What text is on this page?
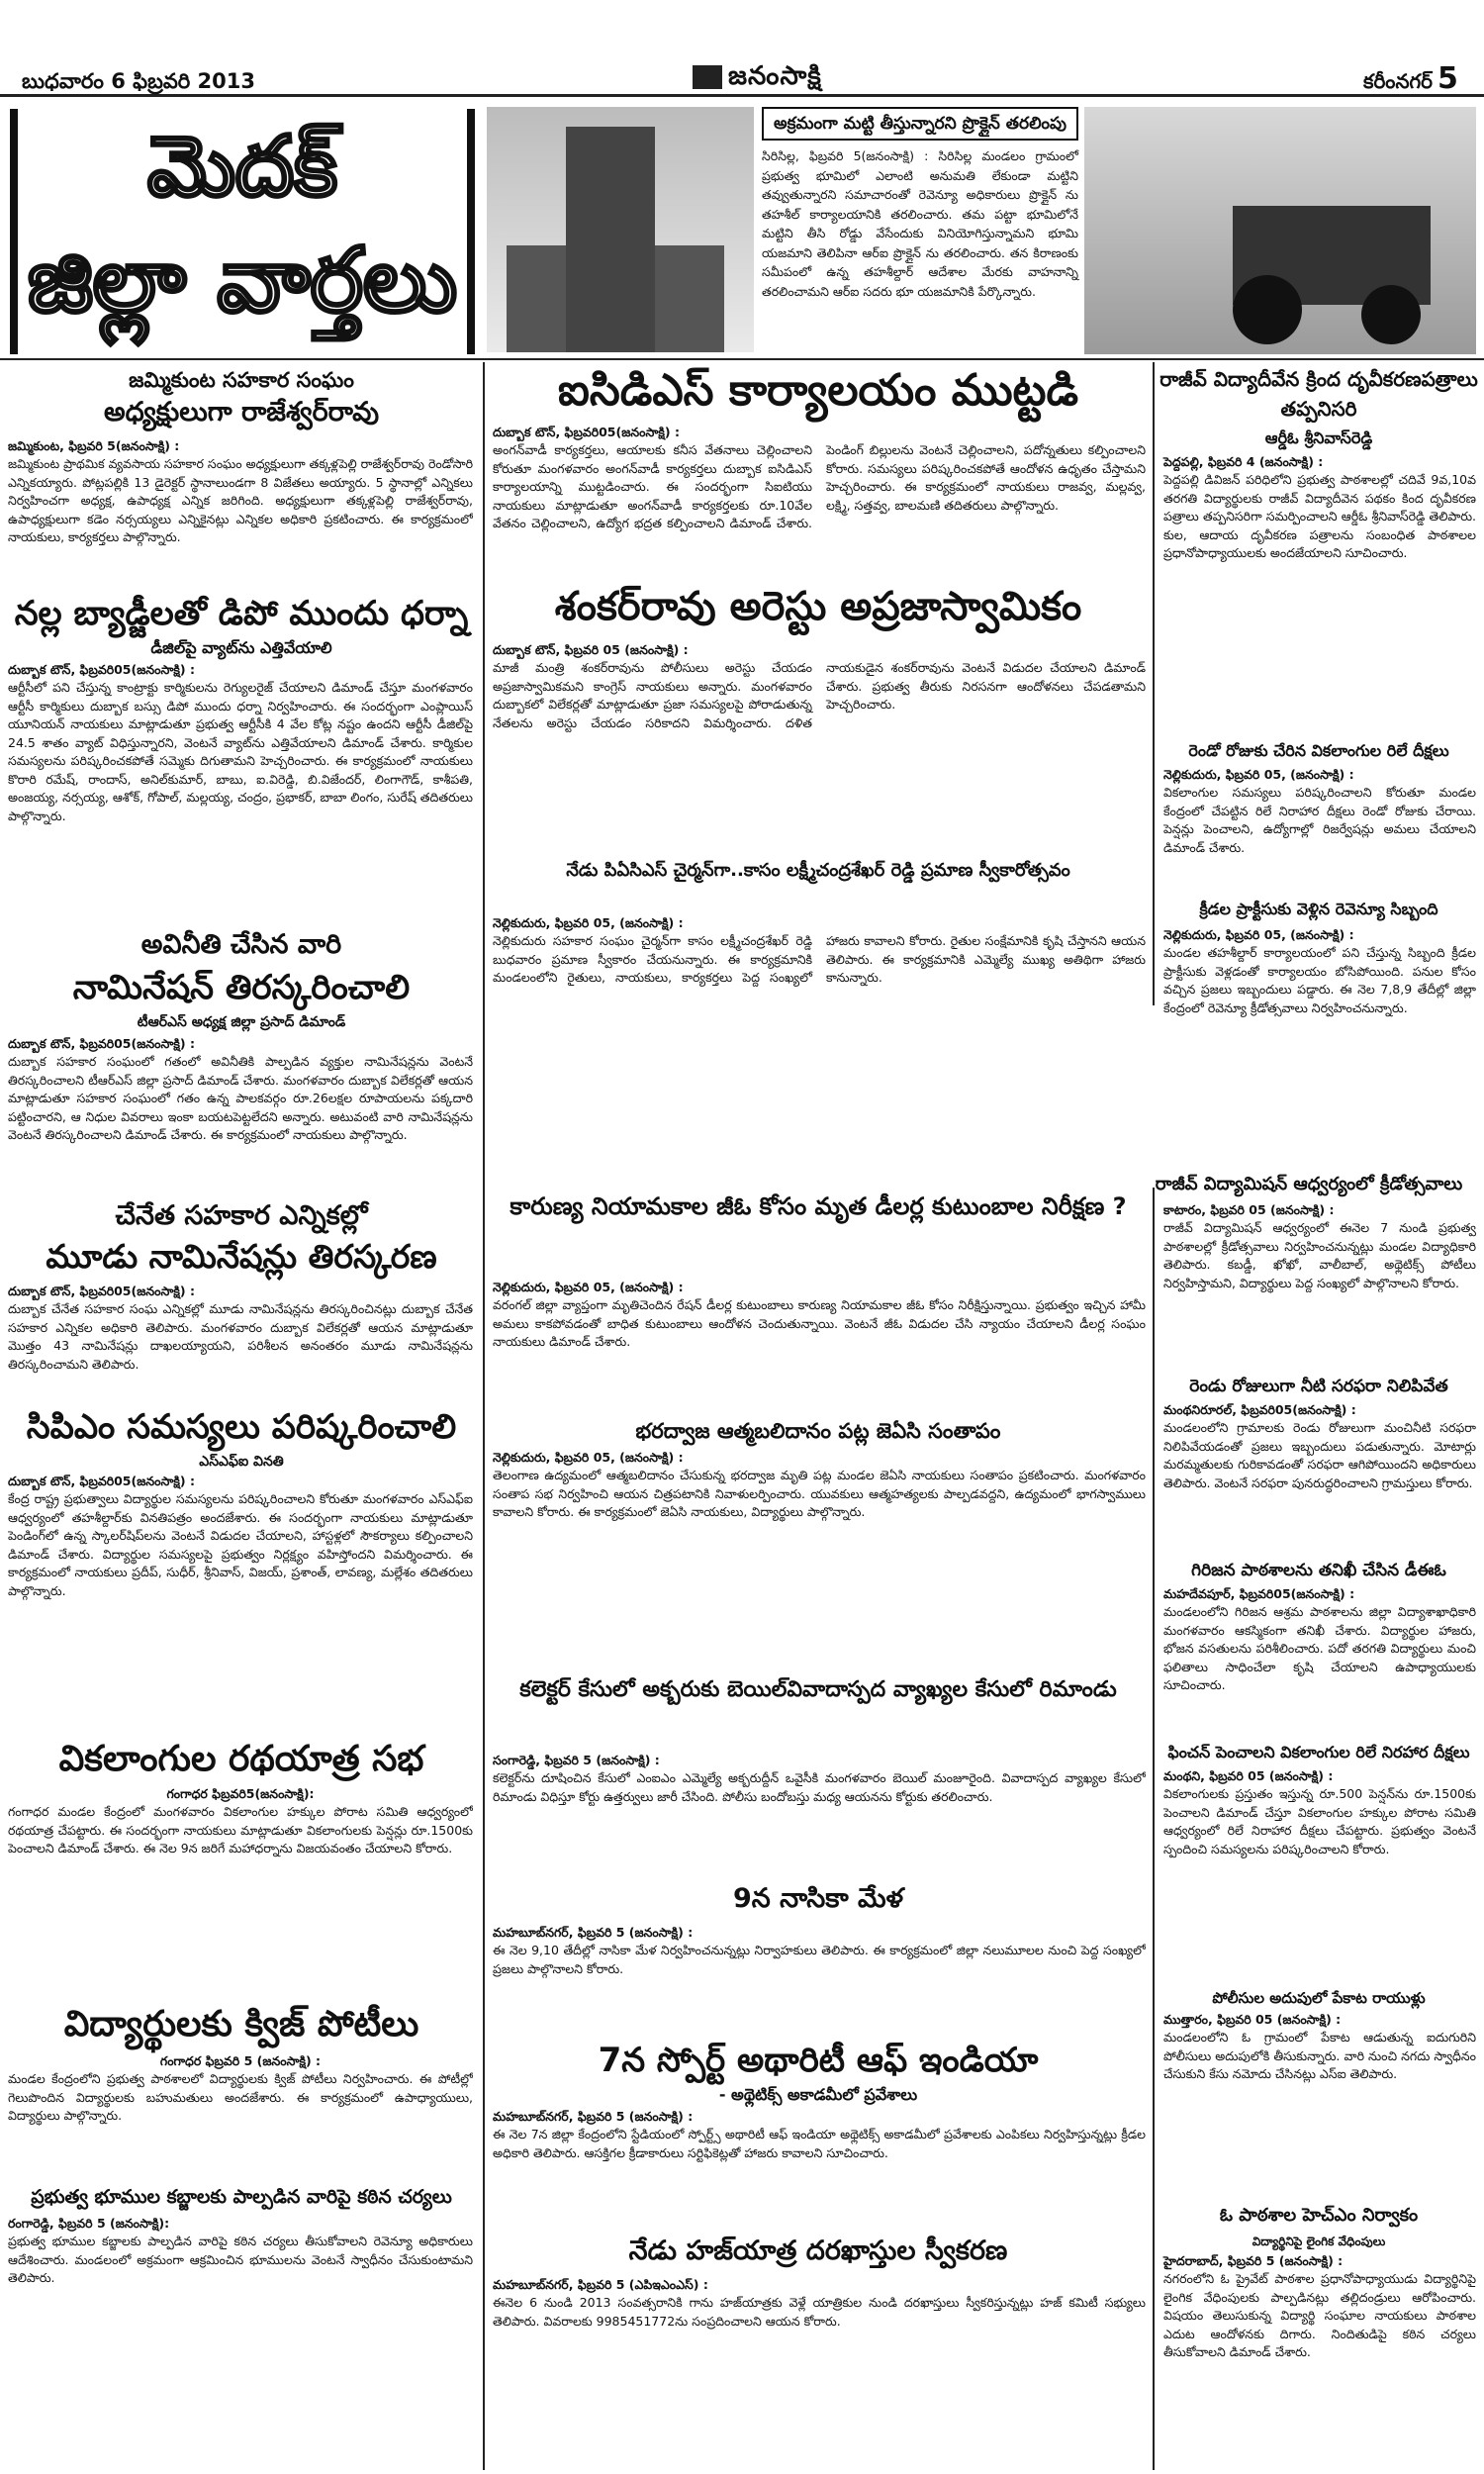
బుధవారం 6 ఫిబ్రవరి 2013	జనంసాక్షి	కరీంనగర్ 5
మెదక్
జిల్లా వార్తలు
అక్రమంగా మట్టి తీస్తున్నారని ప్రొక్లైన్ తరలింపు
సిరిసిల్ల, ఫిబ్రవరి 5(జనంసాక్షి) : సిరిసిల్ల మండలం గ్రామంలో ప్రభుత్వ భూమిలో ఎలాంటి అనుమతి లేకుండా మట్టిని తవ్వుతున్నారని సమాచారంతో రెవెన్యూ అధికారులు ప్రొక్లైన్ ను తహశీల్ కార్యాలయానికి తరలించారు. తమ పట్టా భూమిలోనే మట్టిని తీసి రోడ్డు వేసేందుకు వినియోగిస్తున్నామని భూమి యజమాని తెలిపినా ఆర్ఐ ప్రొక్లైన్ ను తరలించారు. తన కిరాణంకు సమీపంలో ఉన్న తహశీల్దార్ ఆదేశాల మేరకు వాహనాన్ని తరలించామని ఆర్ఐ సదరు భూ యజమానికి పేర్కొన్నారు.
జమ్మికుంట సహకార సంఘం
అధ్యక్షులుగా రాజేశ్వర్‌రావు
జమ్మికుంట, ఫిబ్రవరి 5(జనంసాక్షి) :
జమ్మికుంట ప్రాథమిక వ్యవసాయ సహకార సంఘం అధ్యక్షులుగా తక్కళ్లపెల్లి రాజేశ్వర్‌రావు రెండోసారి ఎన్నికయ్యారు. పోట్లపల్లికి 13 డైరెక్టర్ స్థానాలుండగా 8 విజేతలు అయ్యారు. 5 స్థానాల్లో ఎన్నికలు నిర్వహించగా అధ్యక్ష, ఉపాధ్యక్ష ఎన్నిక జరిగింది. అధ్యక్షులుగా తక్కళ్లపెల్లి రాజేశ్వర్‌రావు, ఉపాధ్యక్షులుగా కడెం నర్సయ్యలు ఎన్నికైనట్లు ఎన్నికల అధికారి ప్రకటించారు. ఈ కార్యక్రమంలో నాయకులు, కార్యకర్తలు పాల్గొన్నారు.
నల్ల బ్యాడ్జీలతో డిపో ముందు ధర్నా
డీజిల్‌పై వ్యాట్‌ను ఎత్తివేయాలి
దుబ్బాక టౌన్, ఫిబ్రవరి05(జనంసాక్షి) :
ఆర్టీసీలో పని చేస్తున్న కాంట్రాక్టు కార్మికులను రెగ్యులరైజ్ చేయాలని డిమాండ్ చేస్తూ మంగళవారం ఆర్టీసీ కార్మికులు దుబ్బాక బస్సు డిపో ముందు ధర్నా నిర్వహించారు. ఈ సందర్భంగా ఎంప్లాయిస్ యూనియన్ నాయకులు మాట్లాడుతూ ప్రభుత్వ ఆర్టీసీకి 4 వేల కోట్ల నష్టం ఉందని ఆర్టీసీ డీజిల్‌పై 24.5 శాతం వ్యాట్ విధిస్తున్నారని, వెంటనే వ్యాట్‌ను ఎత్తివేయాలని డిమాండ్ చేశారు. కార్మికుల సమస్యలను పరిష్కరించకపోతే సమ్మెకు దిగుతామని హెచ్చరించారు. ఈ కార్యక్రమంలో నాయకులు కొరారి రమేష్, రాందాస్, అనిల్‌కుమార్, బాబు, ఐ.విరెడ్డి, బి.విజేందర్, లింగాగౌడ్, కాశీపతి, అంజయ్య, నర్సయ్య, ఆశోక్, గోపాల్, మల్లయ్య, చంద్రం, ప్రభాకర్, బాబా లింగం, సురేష్ తదితరులు పాల్గొన్నారు.
అవినీతి చేసిన వారి
నామినేషన్ తిరస్కరించాలి
టీఆర్‌ఎస్ అధ్యక్ష జిల్లా ప్రసాద్ డిమాండ్
దుబ్బాక టౌన్, ఫిబ్రవరి05(జనంసాక్షి) :
దుబ్బాక సహకార సంఘంలో గతంలో అవినీతికి పాల్పడిన వ్యక్తుల నామినేషన్లను వెంటనే తిరస్కరించాలని టీఆర్‌ఎస్ జిల్లా ప్రసాద్ డిమాండ్ చేశారు. మంగళవారం దుబ్బాక విలేకర్లతో ఆయన మాట్లాడుతూ సహకార సంఘంలో గతం ఉన్న పాలకవర్గం రూ.26లక్షల రూపాయలను పక్కదారి పట్టించారని, ఆ నిధుల వివరాలు ఇంకా బయటపెట్టలేదని అన్నారు. అటువంటి వారి నామినేషన్లను వెంటనే తిరస్కరించాలని డిమాండ్ చేశారు. ఈ కార్యక్రమంలో నాయకులు పాల్గొన్నారు.
చేనేత సహకార ఎన్నికల్లో
మూడు నామినేషన్లు తిరస్కరణ
దుబ్బాక టౌన్, ఫిబ్రవరి05(జనంసాక్షి) :
దుబ్బాక చేనేత సహకార సంఘ ఎన్నికల్లో మూడు నామినేషన్లను తిరస్కరించినట్లు దుబ్బాక చేనేత సహకార ఎన్నికల అధికారి తెలిపారు. మంగళవారం దుబ్బాక విలేకర్లతో ఆయన మాట్లాడుతూ మొత్తం 43 నామినేషన్లు దాఖలయ్యాయని, పరిశీలన అనంతరం మూడు నామినేషన్లను తిరస్కరించామని తెలిపారు.
సిపిఎం సమస్యలు పరిష్కరించాలి
ఎస్ఎఫ్ఐ వినతి
దుబ్బాక టౌన్, ఫిబ్రవరి05(జనంసాక్షి) :
కేంద్ర రాష్ట్ర ప్రభుత్వాలు విద్యార్థుల సమస్యలను పరిష్కరించాలని కోరుతూ మంగళవారం ఎస్ఎఫ్ఐ ఆధ్వర్యంలో తహశీల్దార్‌కు వినతిపత్రం అందజేశారు. ఈ సందర్భంగా నాయకులు మాట్లాడుతూ పెండింగ్‌లో ఉన్న స్కాలర్‌షిప్‌లను వెంటనే విడుదల చేయాలని, హాస్టళ్లలో సౌకర్యాలు కల్పించాలని డిమాండ్ చేశారు. విద్యార్థుల సమస్యలపై ప్రభుత్వం నిర్లక్ష్యం వహిస్తోందని విమర్శించారు. ఈ కార్యక్రమంలో నాయకులు ప్రదీప్, సుధీర్, శ్రీనివాస్, విజయ్, ప్రశాంత్, లావణ్య, మల్లేశం తదితరులు పాల్గొన్నారు.
వికలాంగుల రథయాత్ర సభ
గంగాధర ఫిబ్రవరి5(జనంసాక్షి):
గంగాధర మండల కేంద్రంలో మంగళవారం వికలాంగుల హక్కుల పోరాట సమితి ఆధ్వర్యంలో రథయాత్ర చేపట్టారు. ఈ సందర్భంగా నాయకులు మాట్లాడుతూ వికలాంగులకు పెన్షన్లు రూ.1500కు పెంచాలని డిమాండ్ చేశారు. ఈ నెల 9న జరిగే మహాధర్నాను విజయవంతం చేయాలని కోరారు.
విద్యార్థులకు క్విజ్ పోటీలు
గంగాధర ఫిబ్రవరి 5 (జనంసాక్షి) :
మండల కేంద్రంలోని ప్రభుత్వ పాఠశాలలో విద్యార్థులకు క్విజ్ పోటీలు నిర్వహించారు. ఈ పోటీల్లో గెలుపొందిన విద్యార్థులకు బహుమతులు అందజేశారు. ఈ కార్యక్రమంలో ఉపాధ్యాయులు, విద్యార్థులు పాల్గొన్నారు.
ప్రభుత్వ భూముల కబ్జాలకు పాల్పడిన వారిపై కఠిన చర్యలు
రంగారెడ్డి, ఫిబ్రవరి 5 (జనంసాక్షి):
ప్రభుత్వ భూముల కబ్జాలకు పాల్పడిన వారిపై కఠిన చర్యలు తీసుకోవాలని రెవెన్యూ అధికారులు ఆదేశించారు. మండలంలో అక్రమంగా ఆక్రమించిన భూములను వెంటనే స్వాధీనం చేసుకుంటామని తెలిపారు.
ఐసిడిఎస్ కార్యాలయం ముట్టడి
దుబ్బాక టౌన్, ఫిబ్రవరి05(జనంసాక్షి) :
అంగన్‌వాడీ కార్యకర్తలు, ఆయాలకు కనీస వేతనాలు చెల్లించాలని కోరుతూ మంగళవారం అంగన్‌వాడీ కార్యకర్తలు దుబ్బాక ఐసిడిఎస్ కార్యాలయాన్ని ముట్టడించారు. ఈ సందర్భంగా సిఐటియు నాయకులు మాట్లాడుతూ అంగన్‌వాడీ కార్యకర్తలకు రూ.10వేల వేతనం చెల్లించాలని, ఉద్యోగ భద్రత కల్పించాలని డిమాండ్ చేశారు. పెండింగ్ బిల్లులను వెంటనే చెల్లించాలని, పదోన్నతులు కల్పించాలని కోరారు. సమస్యలు పరిష్కరించకపోతే ఆందోళన ఉధృతం చేస్తామని హెచ్చరించారు. ఈ కార్యక్రమంలో నాయకులు రాజవ్వ, మల్లవ్వ, లక్ష్మి, సత్తవ్వ, బాలమణి తదితరులు పాల్గొన్నారు.
శంకర్‌రావు అరెస్టు అప్రజాస్వామికం
దుబ్బాక టౌన్, ఫిబ్రవరి 05 (జనంసాక్షి) :
మాజీ మంత్రి శంకర్‌రావును పోలీసులు అరెస్టు చేయడం అప్రజాస్వామికమని కాంగ్రెస్ నాయకులు అన్నారు. మంగళవారం దుబ్బాకలో విలేకర్లతో మాట్లాడుతూ ప్రజా సమస్యలపై పోరాడుతున్న నేతలను అరెస్టు చేయడం సరికాదని విమర్శించారు. దళిత నాయకుడైన శంకర్‌రావును వెంటనే విడుదల చేయాలని డిమాండ్ చేశారు. ప్రభుత్వ తీరుకు నిరసనగా ఆందోళనలు చేపడతామని హెచ్చరించారు.
నేడు పిఏసిఎస్ చైర్మన్‌గా..కాసం లక్ష్మీచంద్రశేఖర్ రెడ్డి ప్రమాణ స్వీకారోత్సవం
నెల్లికుదురు, ఫిబ్రవరి 05, (జనంసాక్షి) :
నెల్లికుదురు సహకార సంఘం చైర్మన్‌గా కాసం లక్ష్మీచంద్రశేఖర్ రెడ్డి బుధవారం ప్రమాణ స్వీకారం చేయనున్నారు. ఈ కార్యక్రమానికి మండలంలోని రైతులు, నాయకులు, కార్యకర్తలు పెద్ద సంఖ్యలో హాజరు కావాలని కోరారు. రైతుల సంక్షేమానికి కృషి చేస్తానని ఆయన తెలిపారు. ఈ కార్యక్రమానికి ఎమ్మెల్యే ముఖ్య అతిథిగా హాజరు కానున్నారు.
కారుణ్య నియామకాల జీఓ కోసం మృత డీలర్ల కుటుంబాల నిరీక్షణ ?
నెల్లికుదురు, ఫిబ్రవరి 05, (జనంసాక్షి) :
వరంగల్ జిల్లా వ్యాప్తంగా మృతిచెందిన రేషన్ డీలర్ల కుటుంబాలు కారుణ్య నియామకాల జీఓ కోసం నిరీక్షిస్తున్నాయి. ప్రభుత్వం ఇచ్చిన హామీ అమలు కాకపోవడంతో బాధిత కుటుంబాలు ఆందోళన చెందుతున్నాయి. వెంటనే జీఓ విడుదల చేసి న్యాయం చేయాలని డీలర్ల సంఘం నాయకులు డిమాండ్ చేశారు.
భరద్వాజ ఆత్మబలిదానం పట్ల జెఏసి సంతాపం
నెల్లికుదురు, ఫిబ్రవరి 05, (జనంసాక్షి) :
తెలంగాణ ఉద్యమంలో ఆత్మబలిదానం చేసుకున్న భరద్వాజ మృతి పట్ల మండల జెఏసి నాయకులు సంతాపం ప్రకటించారు. మంగళవారం సంతాప సభ నిర్వహించి ఆయన చిత్రపటానికి నివాళులర్పించారు. యువకులు ఆత్మహత్యలకు పాల్పడవద్దని, ఉద్యమంలో భాగస్వాములు కావాలని కోరారు. ఈ కార్యక్రమంలో జెఏసి నాయకులు, విద్యార్థులు పాల్గొన్నారు.
కలెక్టర్ కేసులో అక్బరుకు బెయిల్‌వివాదాస్పద వ్యాఖ్యల కేసులో రిమాండు
సంగారెడ్డి, ఫిబ్రవరి 5 (జనంసాక్షి) :
కలెక్టర్‌ను దూషించిన కేసులో ఎంఐఎం ఎమ్మెల్యే అక్బరుద్దీన్ ఒవైసీకి మంగళవారం బెయిల్ మంజూరైంది. వివాదాస్పద వ్యాఖ్యల కేసులో రిమాండు విధిస్తూ కోర్టు ఉత్తర్వులు జారీ చేసింది. పోలీసు బందోబస్తు మధ్య ఆయనను కోర్టుకు తరలించారు.
9న నాసికా మేళ
మహబూబ్‌నగర్, ఫిబ్రవరి 5 (జనంసాక్షి) :
ఈ నెల 9,10 తేదీల్లో నాసికా మేళ నిర్వహించనున్నట్లు నిర్వాహకులు తెలిపారు. ఈ కార్యక్రమంలో జిల్లా నలుమూలల నుంచి పెద్ద సంఖ్యలో ప్రజలు పాల్గొనాలని కోరారు.
7న స్పోర్ట్ అథారిటీ ఆఫ్ ఇండియా
- అథ్లెటిక్స్ అకాడమీలో ప్రవేశాలు
మహబూబ్‌నగర్, ఫిబ్రవరి 5 (జనంసాక్షి) :
ఈ నెల 7న జిల్లా కేంద్రంలోని స్టేడియంలో స్పోర్ట్స్ అథారిటీ ఆఫ్ ఇండియా అథ్లెటిక్స్ అకాడమీలో ప్రవేశాలకు ఎంపికలు నిర్వహిస్తున్నట్లు క్రీడల అధికారి తెలిపారు. ఆసక్తిగల క్రీడాకారులు సర్టిఫికెట్లతో హాజరు కావాలని సూచించారు.
నేడు హజ్‌యాత్ర దరఖాస్తుల స్వీకరణ
మహబూబ్‌నగర్, ఫిబ్రవరి 5 (ఎపిఇఎంఎస్) :
ఈనెల 6 నుండి 2013 సంవత్సరానికి గాను హజ్‌యాత్రకు వెళ్లే యాత్రికుల నుండి దరఖాస్తులు స్వీకరిస్తున్నట్లు హజ్ కమిటీ సభ్యులు తెలిపారు. వివరాలకు 9985451772ను సంప్రదించాలని ఆయన కోరారు.
రాజీవ్ విద్యాదీవేన క్రింద దృవీకరణపత్రాలు తప్పనిసరి
ఆర్డీఓ శ్రీనివాస్‌రెడ్డి
పెద్దపల్లి, ఫిబ్రవరి 4 (జనంసాక్షి) :
పెద్దపల్లి డివిజన్ పరిధిలోని ప్రభుత్వ పాఠశాలల్లో చదివే 9వ,10వ తరగతి విద్యార్థులకు రాజీవ్ విద్యాదీవెన పథకం కింద దృవీకరణ పత్రాలు తప్పనిసరిగా సమర్పించాలని ఆర్డీఓ శ్రీనివాస్‌రెడ్డి తెలిపారు. కుల, ఆదాయ దృవీకరణ పత్రాలను సంబంధిత పాఠశాలల ప్రధానోపాధ్యాయులకు అందజేయాలని సూచించారు.
రెండో రోజుకు చేరిన వికలాంగుల రిలే దీక్షలు
నెల్లికుదురు, ఫిబ్రవరి 05, (జనంసాక్షి) :
వికలాంగుల సమస్యలు పరిష్కరించాలని కోరుతూ మండల కేంద్రంలో చేపట్టిన రిలే నిరాహార దీక్షలు రెండో రోజుకు చేరాయి. పెన్షన్లు పెంచాలని, ఉద్యోగాల్లో రిజర్వేషన్లు అమలు చేయాలని డిమాండ్ చేశారు.
క్రీడల ప్రాక్టీసుకు వెళ్లిన రెవెన్యూ సిబ్బంది
నెల్లికుదురు, ఫిబ్రవరి 05, (జనంసాక్షి) :
మండల తహశీల్దార్ కార్యాలయంలో పని చేస్తున్న సిబ్బంది క్రీడల ప్రాక్టీసుకు వెళ్లడంతో కార్యాలయం బోసిపోయింది. పనుల కోసం వచ్చిన ప్రజలు ఇబ్బందులు పడ్డారు. ఈ నెల 7,8,9 తేదీల్లో జిల్లా కేంద్రంలో రెవెన్యూ క్రీడోత్సవాలు నిర్వహించనున్నారు.
రాజీవ్ విద్యామిషన్ ఆధ్వర్యంలో క్రీడోత్సవాలు
కాటారం, ఫిబ్రవరి 05 (జనంసాక్షి) :
రాజీవ్ విద్యామిషన్ ఆధ్వర్యంలో ఈనెల 7 నుండి ప్రభుత్వ పాఠశాలల్లో క్రీడోత్సవాలు నిర్వహించనున్నట్లు మండల విద్యాధికారి తెలిపారు. కబడ్డీ, ఖోఖో, వాలీబాల్, అథ్లెటిక్స్ పోటీలు నిర్వహిస్తామని, విద్యార్థులు పెద్ద సంఖ్యలో పాల్గొనాలని కోరారు.
రెండు రోజులుగా నీటి సరఫరా నిలిపివేత
మంథనిరూరల్, ఫిబ్రవరి05(జనంసాక్షి) :
మండలంలోని గ్రామాలకు రెండు రోజులుగా మంచినీటి సరఫరా నిలిపివేయడంతో ప్రజలు ఇబ్బందులు పడుతున్నారు. మోటార్లు మరమ్మతులకు గురికావడంతో సరఫరా ఆగిపోయిందని అధికారులు తెలిపారు. వెంటనే సరఫరా పునరుద్ధరించాలని గ్రామస్తులు కోరారు.
గిరిజన పాఠశాలను తనిఖీ చేసిన డీఈఓ
మహదేవపూర్, ఫిబ్రవరి05(జనంసాక్షి) :
మండలంలోని గిరిజన ఆశ్రమ పాఠశాలను జిల్లా విద్యాశాఖాధికారి మంగళవారం ఆకస్మికంగా తనిఖీ చేశారు. విద్యార్థుల హాజరు, భోజన వసతులను పరిశీలించారు. పదో తరగతి విద్యార్థులు మంచి ఫలితాలు సాధించేలా కృషి చేయాలని ఉపాధ్యాయులకు సూచించారు.
ఫించన్ పెంచాలని వికలాంగుల రిలే నిరహార దీక్షలు
మంథని, ఫిబ్రవరి 05 (జనంసాక్షి) :
వికలాంగులకు ప్రస్తుతం ఇస్తున్న రూ.500 పెన్షన్‌ను రూ.1500కు పెంచాలని డిమాండ్ చేస్తూ వికలాంగుల హక్కుల పోరాట సమితి ఆధ్వర్యంలో రిలే నిరాహార దీక్షలు చేపట్టారు. ప్రభుత్వం వెంటనే స్పందించి సమస్యలను పరిష్కరించాలని కోరారు.
పోలీసుల అదుపులో పేకాట రాయుళ్లు
ముత్తారం, ఫిబ్రవరి 05 (జనంసాక్షి) :
మండలంలోని ఓ గ్రామంలో పేకాట ఆడుతున్న ఐదుగురిని పోలీసులు అదుపులోకి తీసుకున్నారు. వారి నుంచి నగదు స్వాధీనం చేసుకుని కేసు నమోదు చేసినట్లు ఎస్ఐ తెలిపారు.
ఓ పాఠశాల హెచ్‌ఎం నిర్వాకం
విద్యార్థినిపై లైంగిక వేధింపులు
హైదరాబాద్, ఫిబ్రవరి 5 (జనంసాక్షి) :
నగరంలోని ఓ ప్రైవేట్ పాఠశాల ప్రధానోపాధ్యాయుడు విద్యార్థినిపై లైంగిక వేధింపులకు పాల్పడినట్లు తల్లిదండ్రులు ఆరోపించారు. విషయం తెలుసుకున్న విద్యార్థి సంఘాల నాయకులు పాఠశాల ఎదుట ఆందోళనకు దిగారు. నిందితుడిపై కఠిన చర్యలు తీసుకోవాలని డిమాండ్ చేశారు.
